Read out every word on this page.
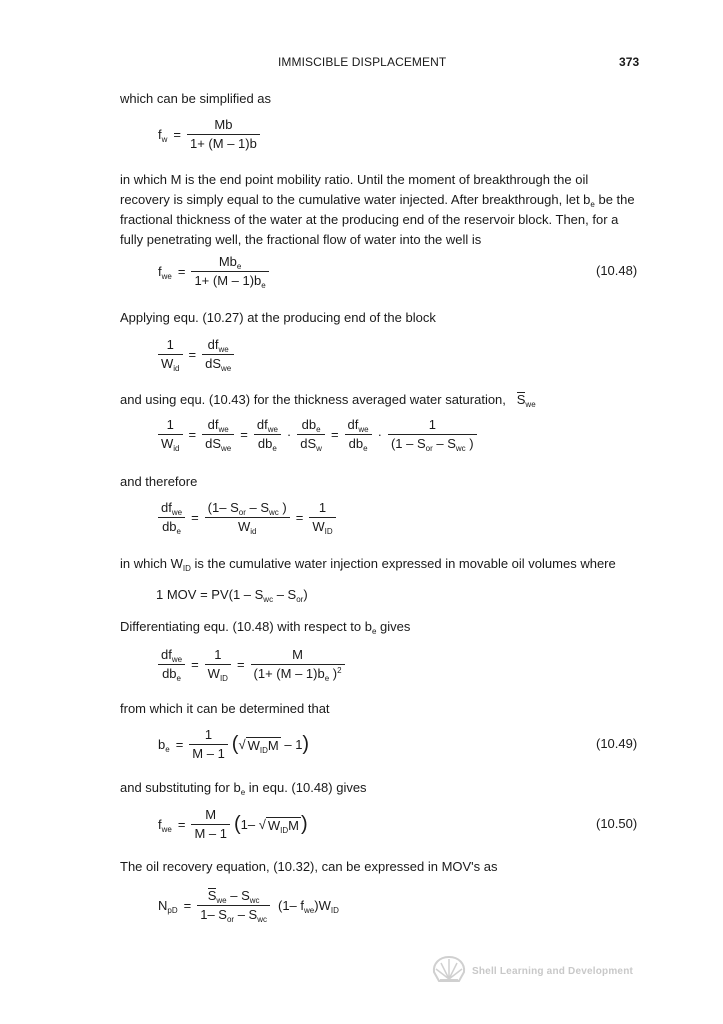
IMMISCIBLE DISPLACEMENT	373
which can be simplified as
$f_w = \frac{Mb}{1+ (M - 1)b}$
in which M is the end point mobility ratio. Until the moment of breakthrough the oil recovery is simply equal to the cumulative water injected. After breakthrough, let $b_e$ be the fractional thickness of the water at the producing end of the reservoir block. Then, for a fully penetrating well, the fractional flow of water into the well is
$f_{we} = \frac{Mb_e}{1+ (M - 1)b_e}$	(10.48)
Applying equ. (10.27) at the producing end of the block
$\frac{1}{W_{id}} = \frac{df_{we}}{dS_{we}}$
and using equ. (10.43) for the thickness averaged water saturation, $S_{we}$
$\frac{1}{W_{id}} = \frac{df_{we}}{dS_{we}} = \frac{df_{we}}{db_e} \cdot \frac{db_e}{dS_w} = \frac{df_{we}}{db_e} \cdot \frac{1}{(1 - S_{or} - S_{wc} )}$
and therefore
$\frac{df_{we}}{db_e} = \frac{(1- S_{or} - S_{wc} )}{W_{id}} = \frac{1}{W_{ID}}$
in which $W_{ID}$ is the cumulative water injection expressed in movable oil volumes where
1 MOV = $PV(1 - S_{wc} - S_{or})$
Differentiating equ. (10.48) with respect to $b_e$ gives
$\frac{df_{we}}{db_e} = \frac{1}{W_{ID}} = \frac{M}{(1+ (M - 1)b_e )^2}$
from which it can be determined that
$b_e = \frac{1}{M - 1}$ ( √ $W_{ID}M - 1$ )	(10.49)
and substituting for $b_e$ in equ. (10.48) gives
$f_{we} = \frac{M}{M - 1}$ ( 1– √ $W_{ID}M$ )	(10.50)
The oil recovery equation, (10.32), can be expressed in MOV's as
$N_{pD} = \frac{S_{we} - S_{wc}}{1- S_{or} - S_{wc}} (1-$ $f_{we})W_{ID}$
Shell Learning and Development
